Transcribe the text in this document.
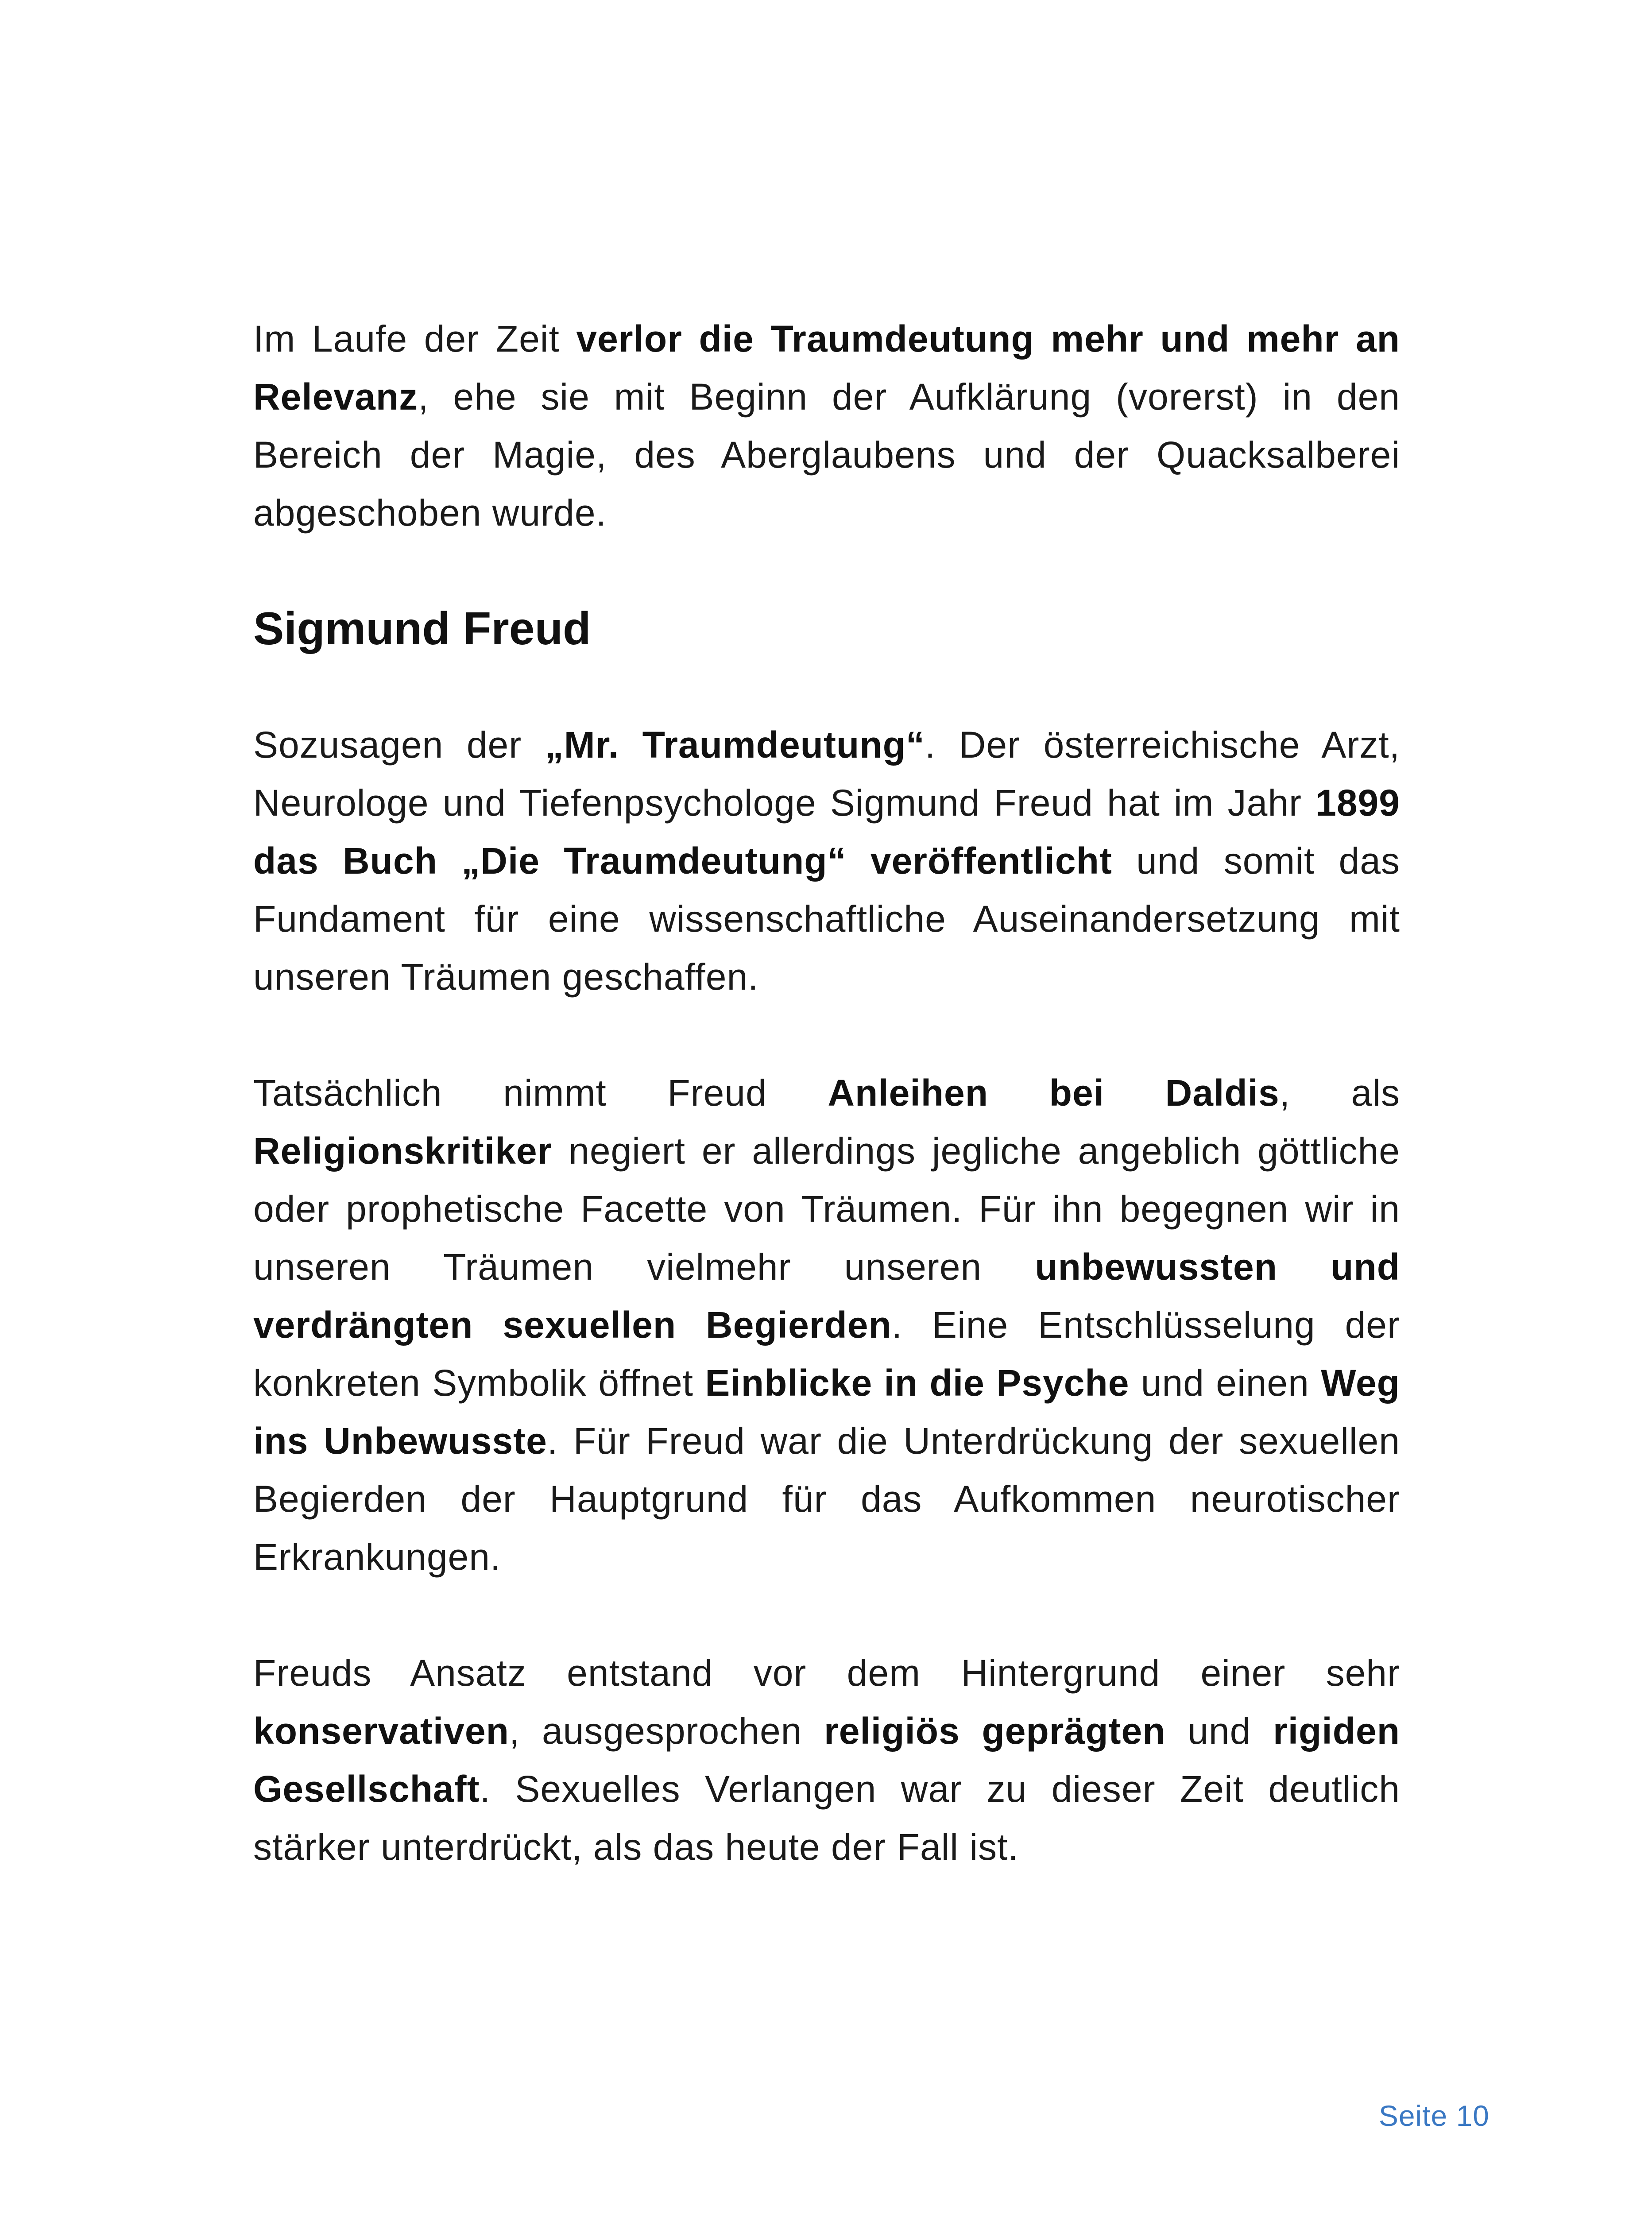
Im Laufe der Zeit verlor die Traumdeutung mehr und mehr an Relevanz, ehe sie mit Beginn der Aufklärung (vorerst) in den Bereich der Magie, des Aberglaubens und der Quacksalberei abgeschoben wurde.

Sigmund Freud

Sozusagen der „Mr. Traumdeutung“. Der österreichische Arzt, Neurologe und Tiefenpsychologe Sigmund Freud hat im Jahr 1899 das Buch „Die Traumdeutung“ veröffentlicht und somit das Fundament für eine wissenschaftliche Auseinandersetzung mit unseren Träumen geschaffen.

Tatsächlich nimmt Freud Anleihen bei Daldis, als Religionskritiker negiert er allerdings jegliche angeblich göttliche oder prophetische Facette von Träumen. Für ihn begegnen wir in unseren Träumen vielmehr unseren unbewussten und verdrängten sexuellen Begierden. Eine Entschlüsselung der konkreten Symbolik öffnet Einblicke in die Psyche und einen Weg ins Unbewusste. Für Freud war die Unterdrückung der sexuellen Begierden der Hauptgrund für das Aufkommen neurotischer Erkrankungen.

Freuds Ansatz entstand vor dem Hintergrund einer sehr konservativen, ausgesprochen religiös geprägten und rigiden Gesellschaft. Sexuelles Verlangen war zu dieser Zeit deutlich stärker unterdrückt, als das heute der Fall ist.

Seite 10
